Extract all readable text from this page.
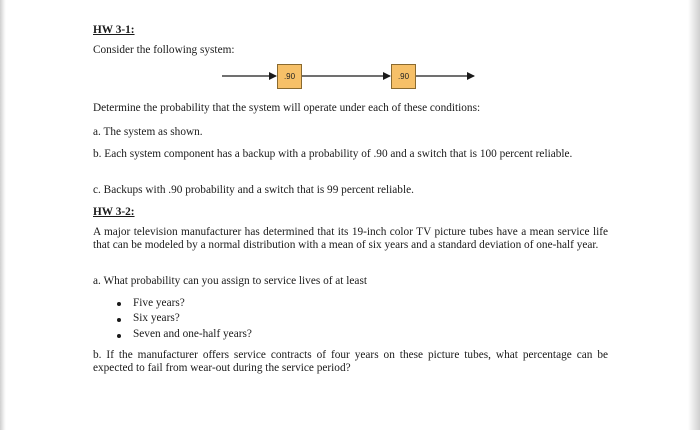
HW 3-1:
Consider the following system:
Determine the probability that the system will operate under each of these conditions:
a. The system as shown.
b. Each system component has a backup with a probability of .90 and a switch that is 100 percent reliable.
c. Backups with .90 probability and a switch that is 99 percent reliable.
HW 3-2:
A major television manufacturer has determined that its 19-inch color TV picture tubes have a mean service life that can be modeled by a normal distribution with a mean of six years and a standard deviation of one-half year.
a. What probability can you assign to service lives of at least
Five years?
Six years?
Seven and one-half years?
b. If the manufacturer offers service contracts of four years on these picture tubes, what percentage can be expected to fail from wear-out during the service period?
.90	.90
